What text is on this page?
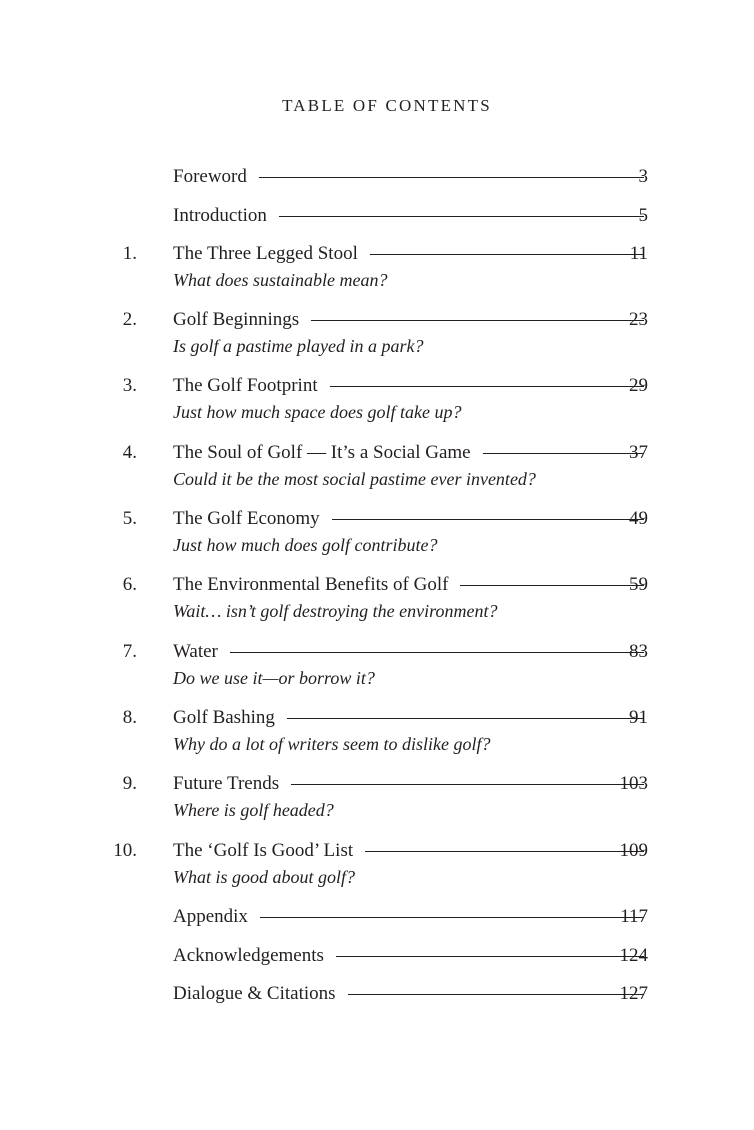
TABLE OF CONTENTS
Foreword	3
Introduction	5
1. The Three Legged Stool	11
What does sustainable mean?
2. Golf Beginnings	23
Is golf a pastime played in a park?
3. The Golf Footprint	29
Just how much space does golf take up?
4. The Soul of Golf — It’s a Social Game	37
Could it be the most social pastime ever invented?
5. The Golf Economy	49
Just how much does golf contribute?
6. The Environmental Benefits of Golf	59
Wait… isn’t golf destroying the environment?
7. Water	83
Do we use it—or borrow it?
8. Golf Bashing	91
Why do a lot of writers seem to dislike golf?
9. Future Trends	103
Where is golf headed?
10. The ‘Golf Is Good’ List	109
What is good about golf?
Appendix	117
Acknowledgements	124
Dialogue & Citations	127
